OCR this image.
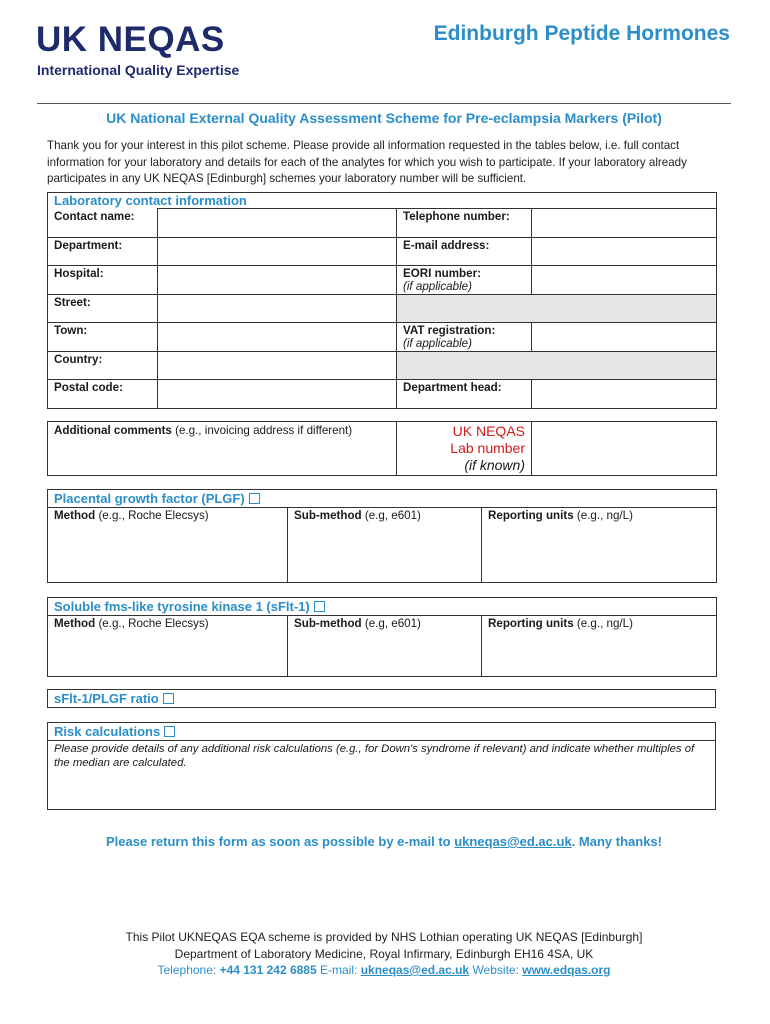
UK NEQAS
International Quality Expertise
Edinburgh Peptide Hormones
UK National External Quality Assessment Scheme for Pre-eclampsia Markers (Pilot)
Thank you for your interest in this pilot scheme. Please provide all information requested in the tables below, i.e. full contact information for your laboratory and details for each of the analytes for which you wish to participate. If your laboratory already participates in any UK NEQAS [Edinburgh] schemes your laboratory number will be sufficient.
Laboratory contact information			
Contact name:		Telephone number:	
Department:		E-mail address:	
Hospital:		EORI number:
(if applicable)	
Street:			
Town:		VAT registration:
(if applicable)	
Country:			
Postal code:		Department head:	
Additional comments (e.g., invoicing address if different)	UK NEQAS
Lab number
(if known)	
Placental growth factor (PLGF)
Method (e.g., Roche Elecsys)	Sub-method (e.g, e601)	Reporting units (e.g., ng/L)
Soluble fms-like tyrosine kinase 1 (sFlt-1)
Method (e.g., Roche Elecsys)	Sub-method (e.g, e601)	Reporting units (e.g., ng/L)
sFlt-1/PLGF ratio
Risk calculations
Please provide details of any additional risk calculations (e.g., for Down's syndrome if relevant) and indicate whether multiples of the median are calculated.
Please return this form as soon as possible by e-mail to ukneqas@ed.ac.uk. Many thanks!
This Pilot UKNEQAS EQA scheme is provided by NHS Lothian operating UK NEQAS [Edinburgh]
Department of Laboratory Medicine, Royal Infirmary, Edinburgh EH16 4SA, UK
Telephone: +44 131 242 6885 E-mail: ukneqas@ed.ac.uk Website: www.edqas.org
